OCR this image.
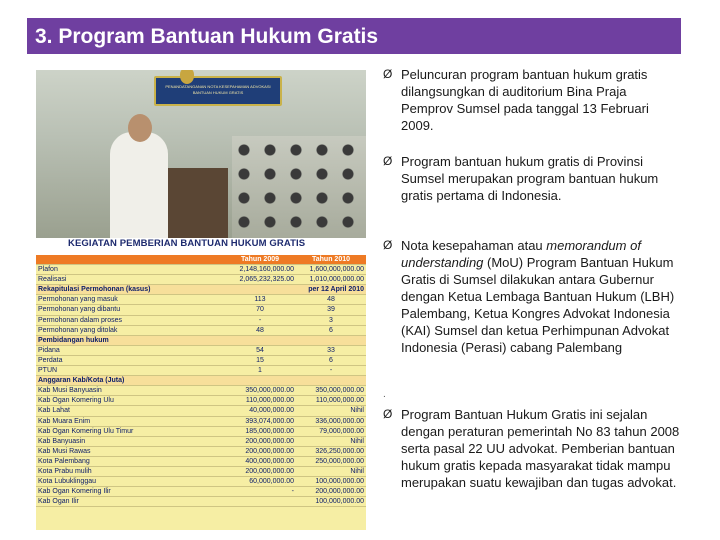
3. Program Bantuan Hukum Gratis
PENANDATANGANAN NOTA KESEPAHAMAN ADVOKASI BANTUAN HUKUM GRATIS
KEGIATAN PEMBERIAN BANTUAN HUKUM GRATIS
	Tahun 2009	Tahun 2010
Plafon	2,148,160,000.00	1,600,000,000.00
Realisasi	2,065,232,325.00	1,010,000,000.00
Rekapitulasi Permohonan (kasus)		per 12 April 2010
Permohonan yang masuk	113	48
Permohonan yang dibantu	70	39
Permohonan dalam proses	-	3
Permohonan yang ditolak	48	6
Pembidangan hukum		
Pidana	54	33
Perdata	15	6
PTUN	1	-
Anggaran Kab/Kota (Juta)		
Kab Musi Banyuasin	350,000,000.00	350,000,000.00
Kab Ogan Komering Ulu	110,000,000.00	110,000,000.00
Kab Lahat	40,000,000.00	Nihil
Kab Muara Enim	393,074,000.00	336,000,000.00
Kab Ogan Komering Ulu Timur	185,000,000.00	79,000,000.00
Kab Banyuasin	200,000,000.00	Nihil
Kab Musi Rawas	200,000,000.00	326,250,000.00
Kota Palembang	400,000,000.00	250,000,000.00
Kota Prabu mulih	200,000,000.00	Nihil
Kota Lubuklinggau	60,000,000.00	100,000,000.00
Kab Ogan Komering Ilir	-	200,000,000.00
Kab Ogan Ilir		100,000,000.00

Ø Peluncuran program bantuan hukum gratis dilangsungkan di auditorium Bina Praja Pemprov Sumsel pada tanggal 13 Februari 2009.

Ø Program bantuan hukum gratis di Provinsi Sumsel merupakan program bantuan hukum gratis pertama di Indonesia.

Ø Nota kesepahaman atau memorandum of understanding (MoU) Program Bantuan Hukum Gratis di Sumsel dilakukan antara Gubernur dengan Ketua Lembaga Bantuan Hukum (LBH) Palembang, Ketua Kongres Advokat Indonesia (KAI) Sumsel dan ketua Perhimpunan Advokat Indonesia (Perasi) cabang Palembang

.

Ø Program Bantuan Hukum Gratis ini sejalan dengan peraturan pemerintah No 83 tahun 2008 serta pasal 22 UU advokat. Pemberian bantuan hukum gratis kepada masyarakat tidak mampu merupakan suatu kewajiban dan tugas advokat.
